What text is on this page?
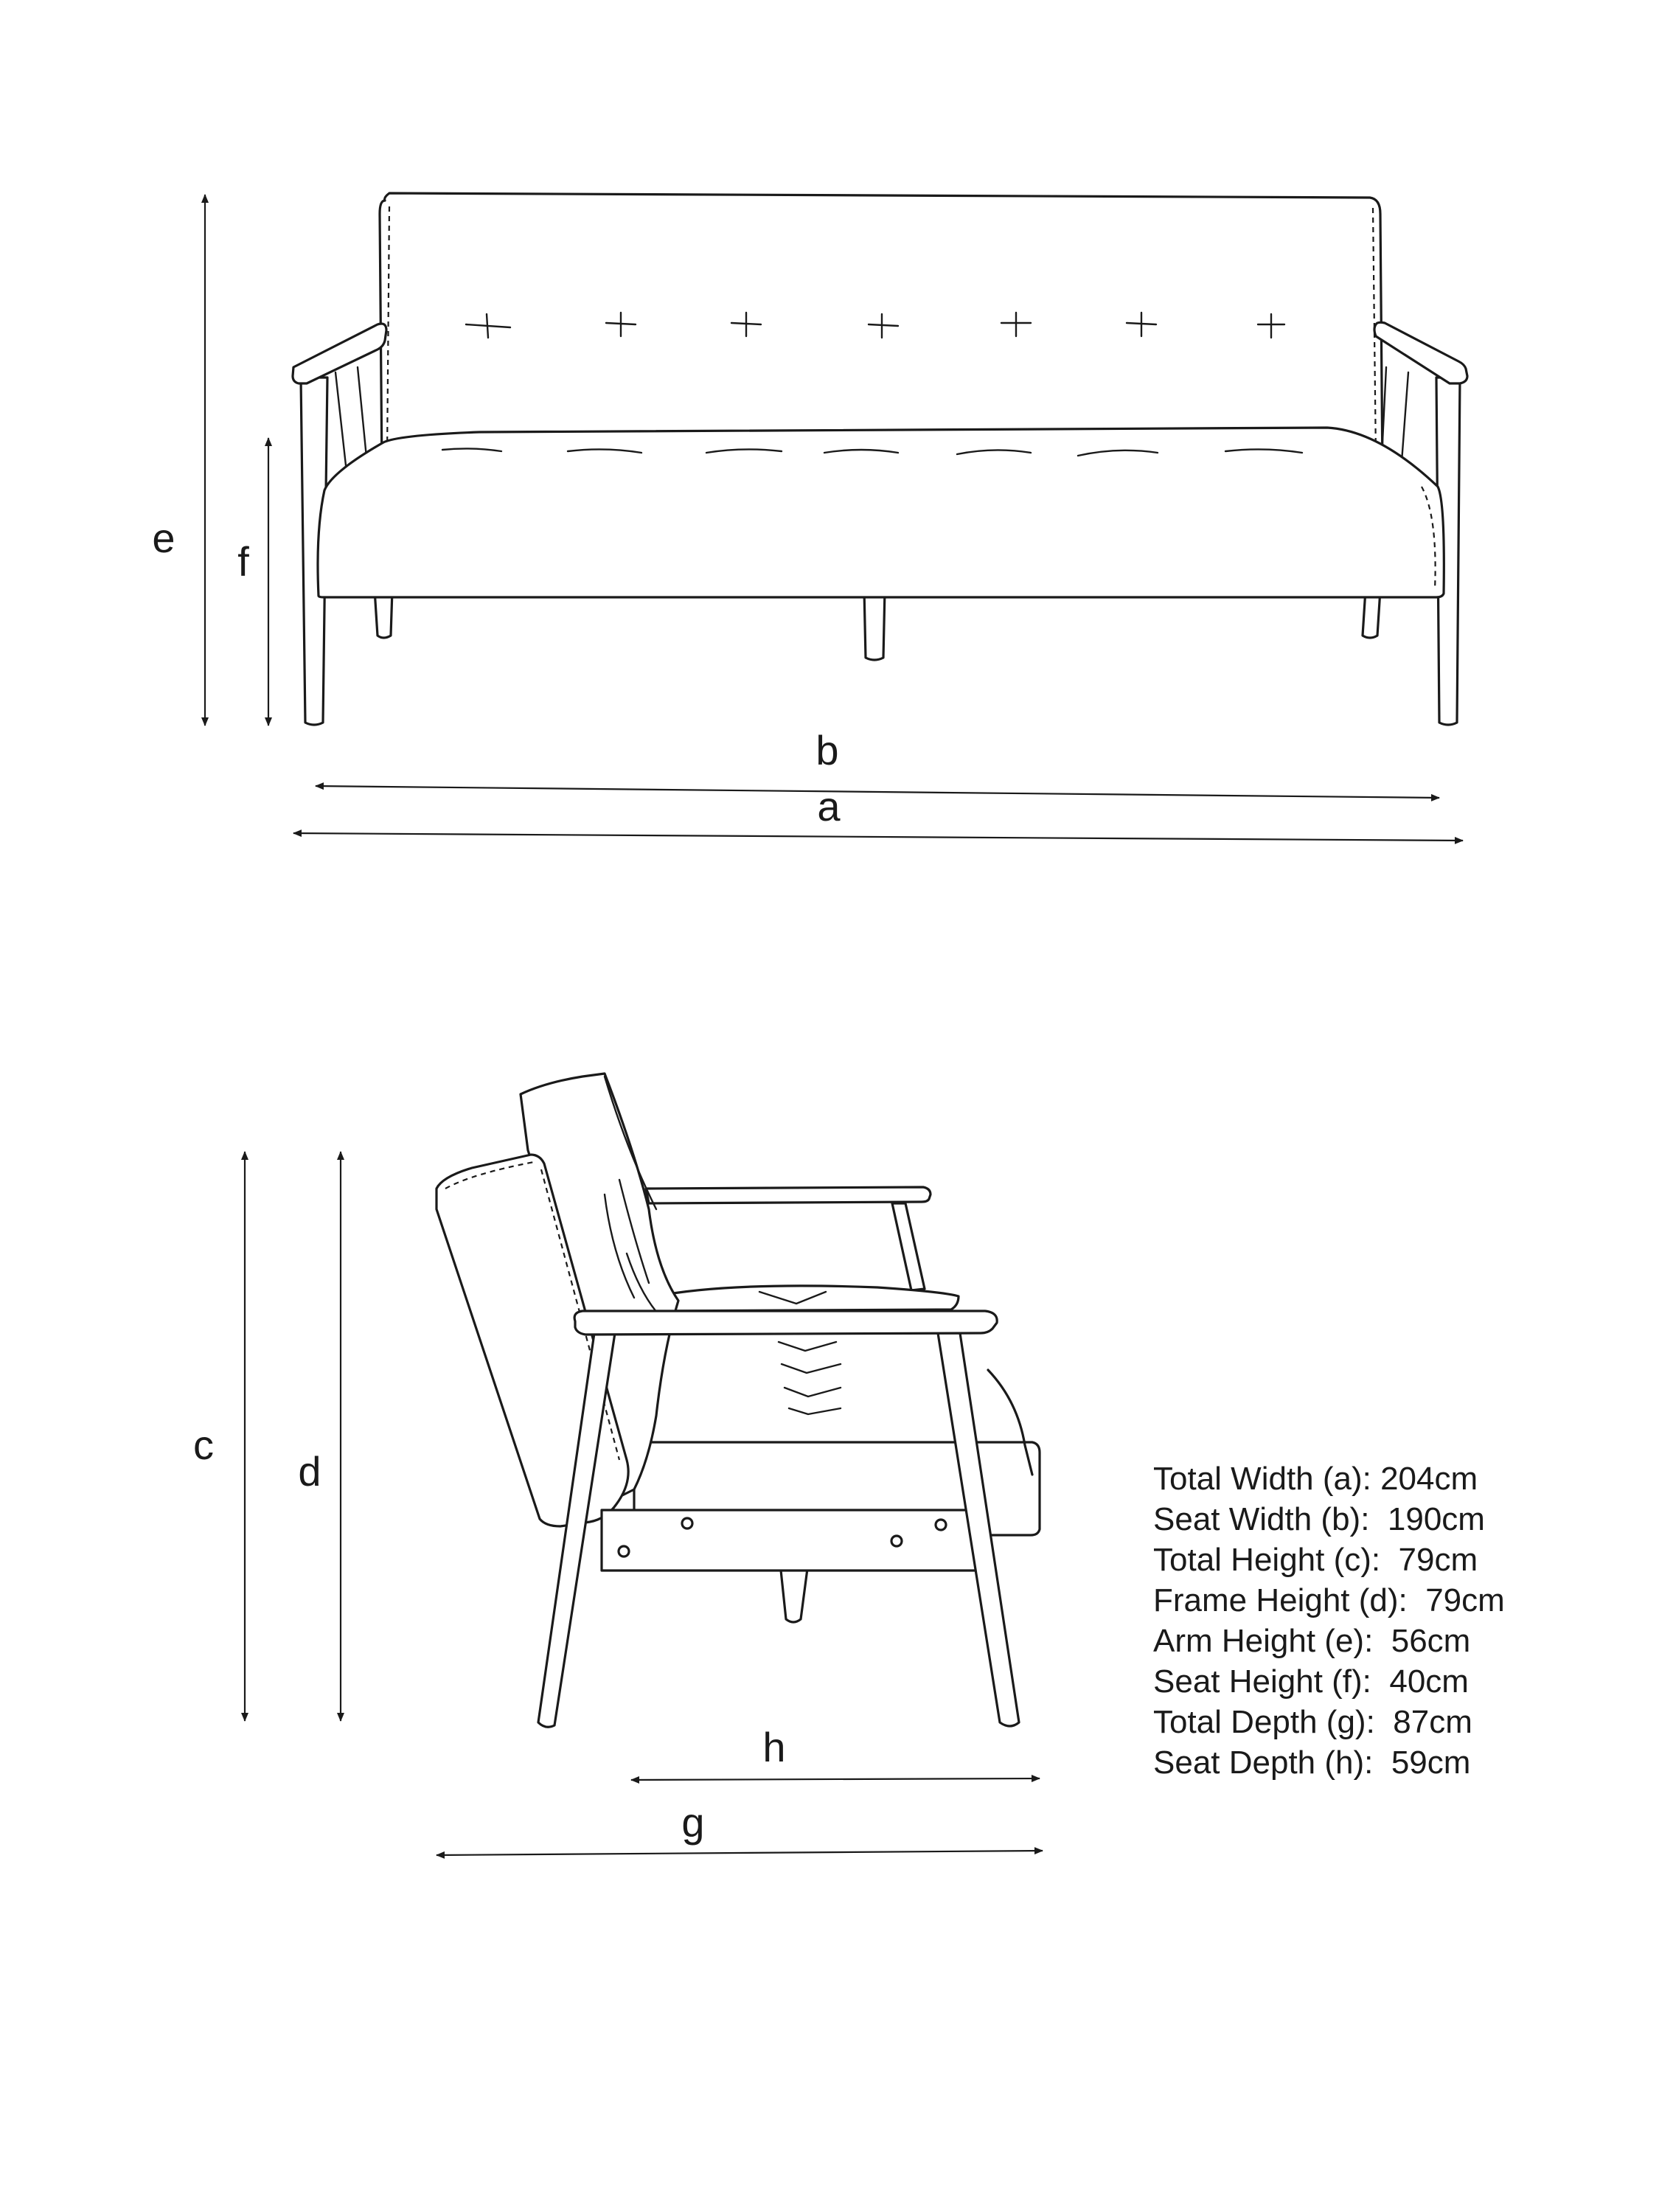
e
f
b
a
c
d
h
g
Total Width (a): 204cm
Seat Width (b):  190cm
Total Height (c):  79cm
Frame Height (d):  79cm
Arm Height (e):  56cm
Seat Height (f):  40cm
Total Depth (g):  87cm
Seat Depth (h):  59cm
